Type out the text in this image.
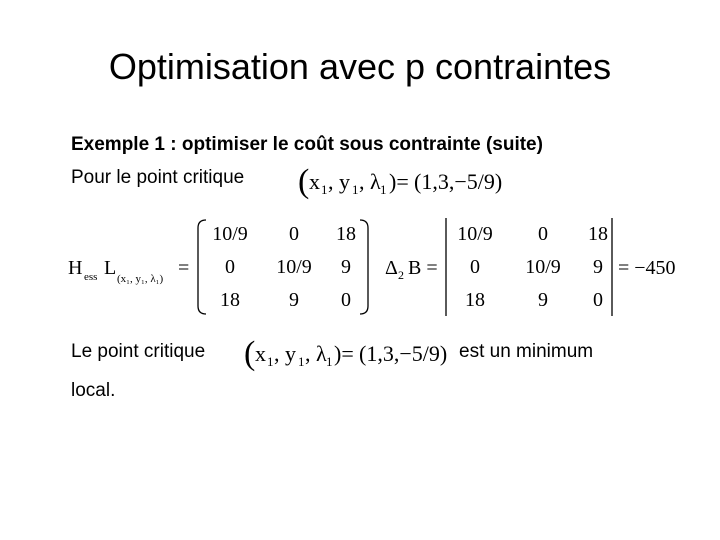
Optimisation avec p contraintes
Exemple 1 : optimiser le coût sous contrainte (suite)
Pour le point critique ( x 1 , y 1 , λ 1 )= (1,3,−5/9)
H ess L (x₁, y₁, λ₁) =
10/9 0 18
0 10/9 9
18 9 0
Δ 2 B =
10/9 0 18
0 10/9 9
18	9 0
= −450
( x 1 , y 1 , λ 1 )= (1,3,−5/9)
Le point critique	est un minimum
local.
